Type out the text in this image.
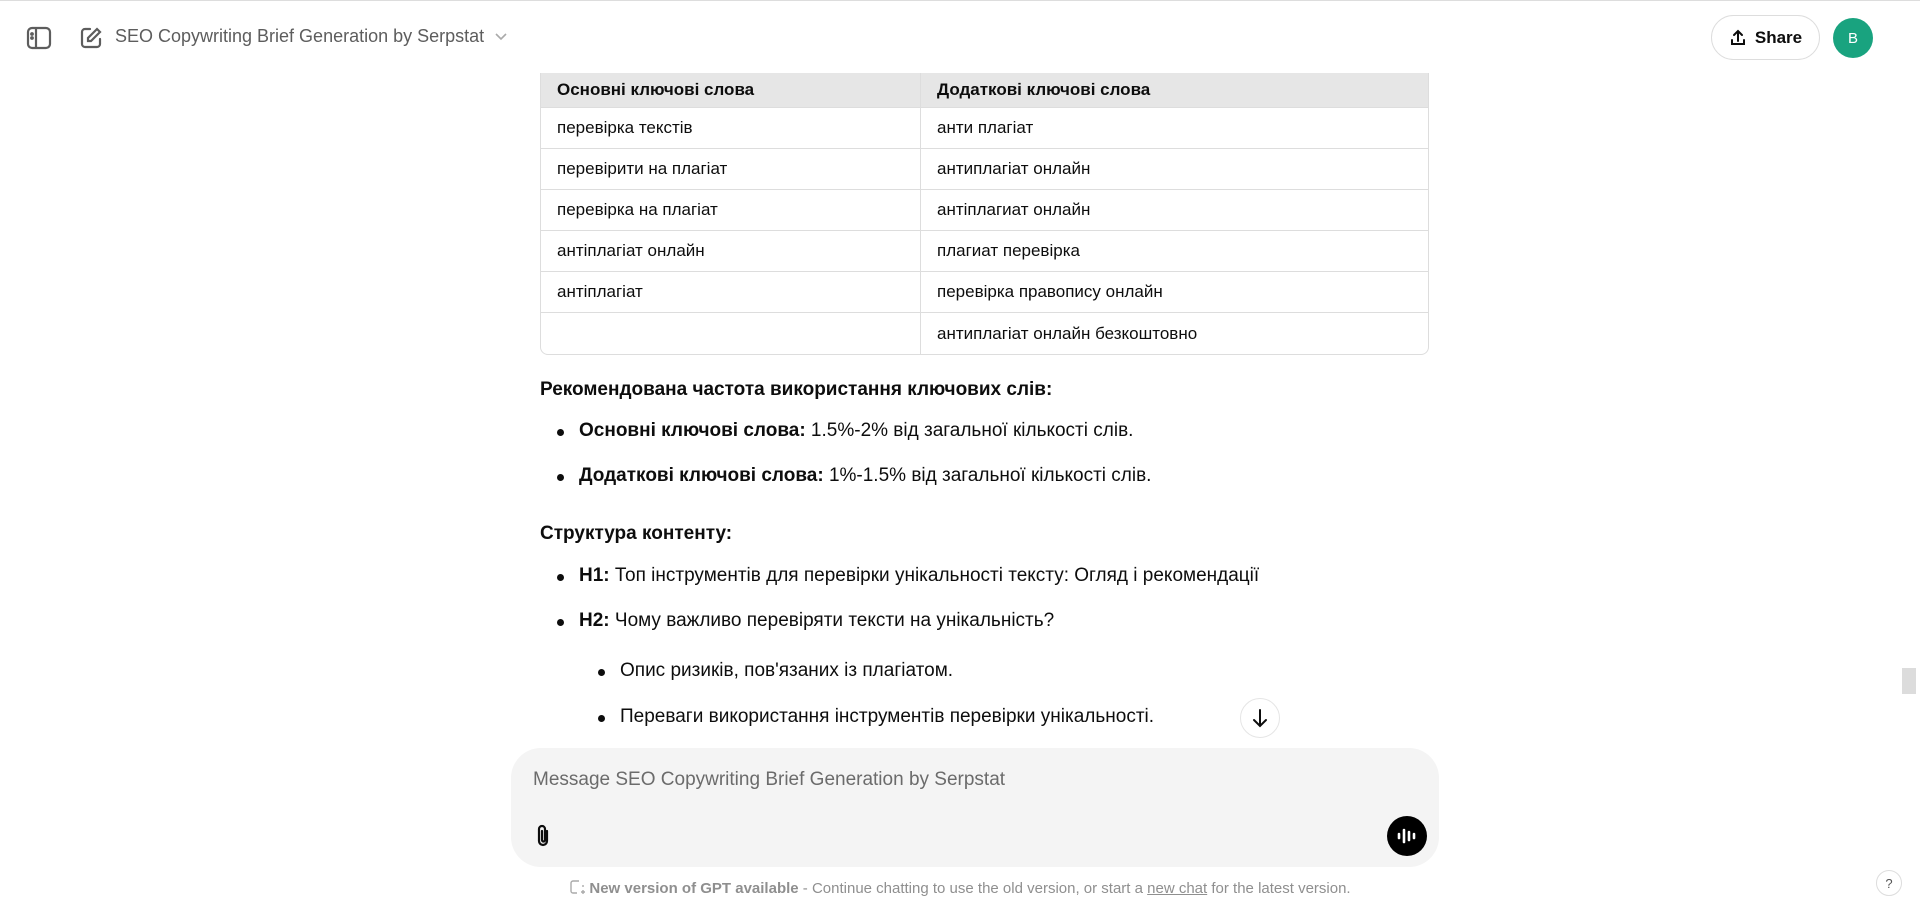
SEO Copywriting Brief Generation by Serpstat	Share	B
Основні ключові слова	Додаткові ключові слова
перевірка текстів	анти плагіат
перевірити на плагіат	антиплагіат онлайн
перевірка на плагіат	антіплагиат онлайн
антіплагіат онлайн	плагиат перевірка
антіплагіат	перевірка правопису онлайн
	антиплагіат онлайн безкоштовно
Рекомендована частота використання ключових слів:
Основні ключові слова: 1.5%-2% від загальної кількості слів.
Додаткові ключові слова: 1%-1.5% від загальної кількості слів.
Структура контенту:
H1: Топ інструментів для перевірки унікальності тексту: Огляд і рекомендації
H2: Чому важливо перевіряти тексти на унікальність?
Опис ризиків, пов'язаних із плагіатом.
Переваги використання інструментів перевірки унікальності.
Message SEO Copywriting Brief Generation by Serpstat
New version of GPT available - Continue chatting to use the old version, or start a new chat for the latest version.	?
